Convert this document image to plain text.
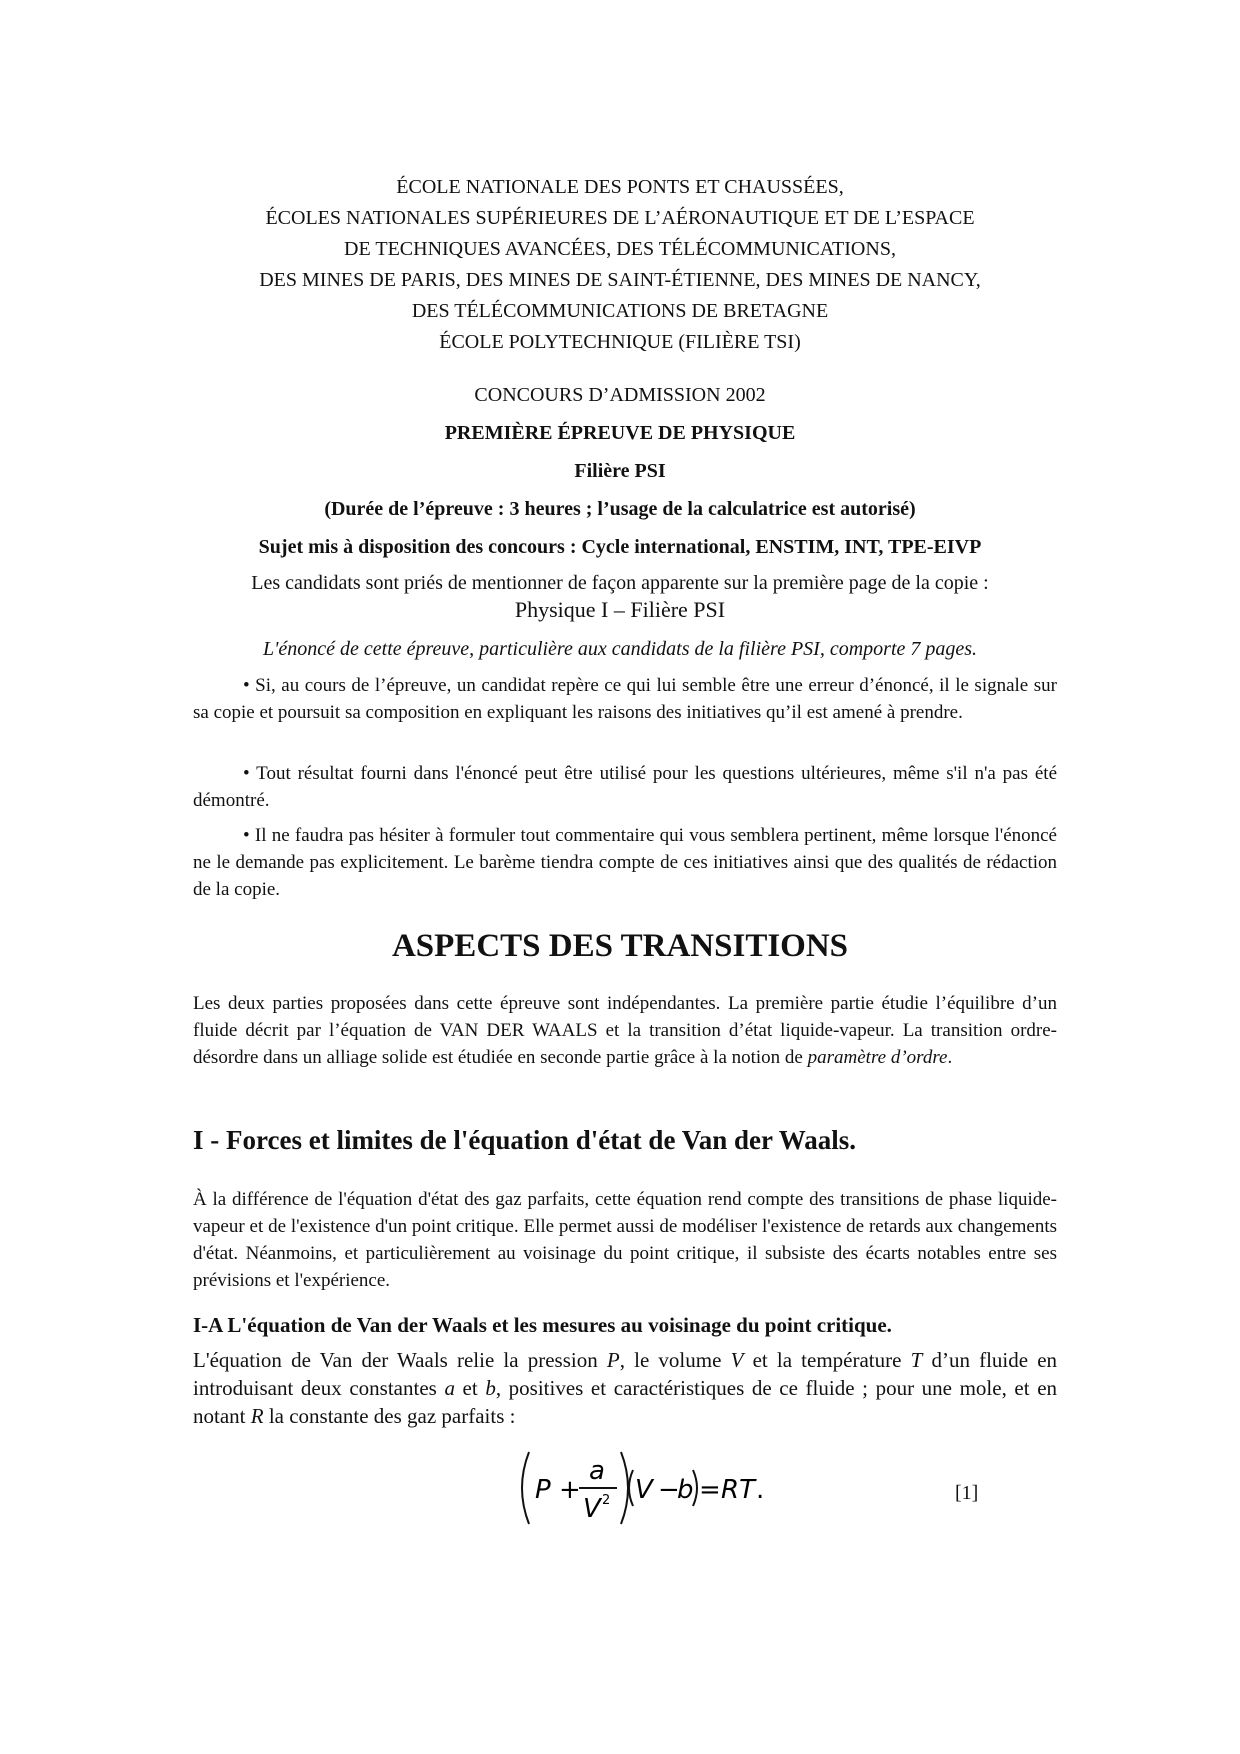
ÉCOLE NATIONALE DES PONTS ET CHAUSSÉES,
ÉCOLES NATIONALES SUPÉRIEURES DE L’AÉRONAUTIQUE ET DE L’ESPACE
DE TECHNIQUES AVANCÉES, DES TÉLÉCOMMUNICATIONS,
DES MINES DE PARIS, DES MINES DE SAINT-ÉTIENNE, DES MINES DE NANCY,
DES TÉLÉCOMMUNICATIONS DE BRETAGNE
ÉCOLE POLYTECHNIQUE (FILIÈRE TSI)
CONCOURS D’ADMISSION 2002
PREMIÈRE ÉPREUVE DE PHYSIQUE
Filière PSI
(Durée de l’épreuve : 3 heures ; l’usage de la calculatrice est autorisé)
Sujet mis à disposition des concours : Cycle international, ENSTIM, INT, TPE-EIVP
Les candidats sont priés de mentionner de façon apparente sur la première page de la copie :
Physique I – Filière PSI
L'énoncé de cette épreuve, particulière aux candidats de la filière PSI, comporte 7 pages.
• Si, au cours de l’épreuve, un candidat repère ce qui lui semble être une erreur d’énoncé, il le signale sur sa copie et poursuit sa composition en expliquant les raisons des initiatives qu’il est amené à prendre.
• Tout résultat fourni dans l'énoncé peut être utilisé pour les questions ultérieures, même s'il n'a pas été démontré.
• Il ne faudra pas hésiter à formuler tout commentaire qui vous semblera pertinent, même lorsque l'énoncé ne le demande pas explicitement. Le barème tiendra compte de ces initiatives ainsi que des qualités de rédaction de la copie.
ASPECTS DES TRANSITIONS
Les deux parties proposées dans cette épreuve sont indépendantes. La première partie étudie l’équilibre d’un fluide décrit par l’équation de VAN DER WAALS et la transition d’état liquide-vapeur. La transition ordre-désordre dans un alliage solide est étudiée en seconde partie grâce à la notion de paramètre d’ordre.
I - Forces et limites de l'équation d'état de Van der Waals.
À la différence de l'équation d'état des gaz parfaits, cette équation rend compte des transitions de phase liquide-vapeur et de l'existence d'un point critique. Elle permet aussi de modéliser l'existence de retards aux changements d'état. Néanmoins, et particulièrement au voisinage du point critique, il subsiste des écarts notables entre ses prévisions et l'expérience.
I-A L'équation de Van der Waals et les mesures au voisinage du point critique.
L'équation de Van der Waals relie la pression P, le volume V et la température T d’un fluide en introduisant deux constantes a et b, positives et caractéristiques de ce fluide ; pour une mole, et en notant R la constante des gaz parfaits :
P +
a
V 2 V −
b = RT .	[1]
